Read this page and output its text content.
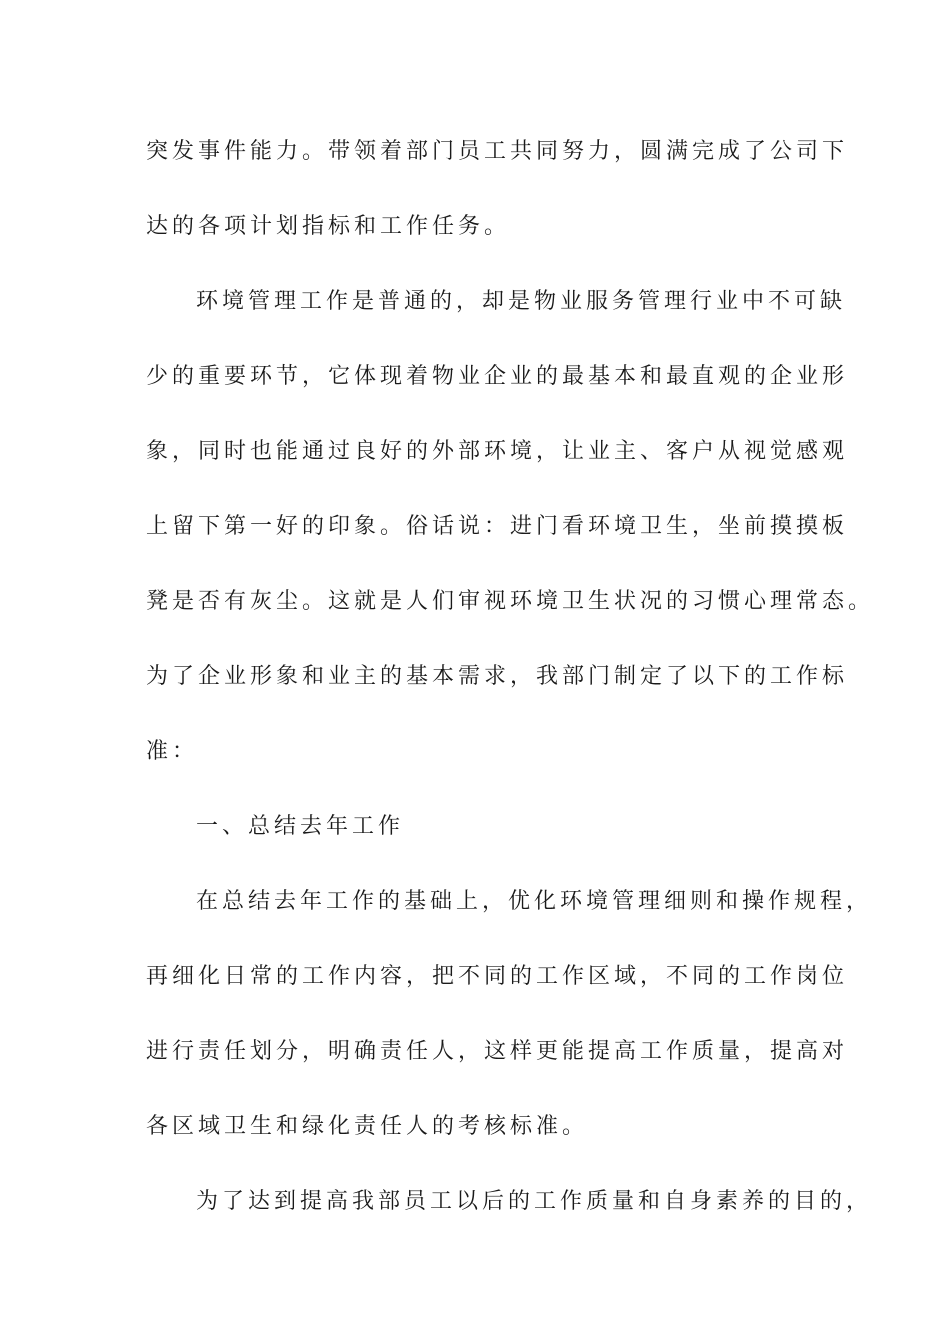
突发事件能力。带领着部门员工共同努力，圆满完成了公司下
达的各项计划指标和工作任务。
环境管理工作是普通的，却是物业服务管理行业中不可缺
少的重要环节，它体现着物业企业的最基本和最直观的企业形
象，同时也能通过良好的外部环境，让业主、客户从视觉感观
上留下第一好的印象。俗话说：进门看环境卫生，坐前摸摸板
凳是否有灰尘。这就是人们审视环境卫生状况的习惯心理常态。
为了企业形象和业主的基本需求，我部门制定了以下的工作标
准：
一、总结去年工作
在总结去年工作的基础上，优化环境管理细则和操作规程，
再细化日常的工作内容，把不同的工作区域，不同的工作岗位
进行责任划分，明确责任人，这样更能提高工作质量，提高对
各区域卫生和绿化责任人的考核标准。
为了达到提高我部员工以后的工作质量和自身素养的目的，
